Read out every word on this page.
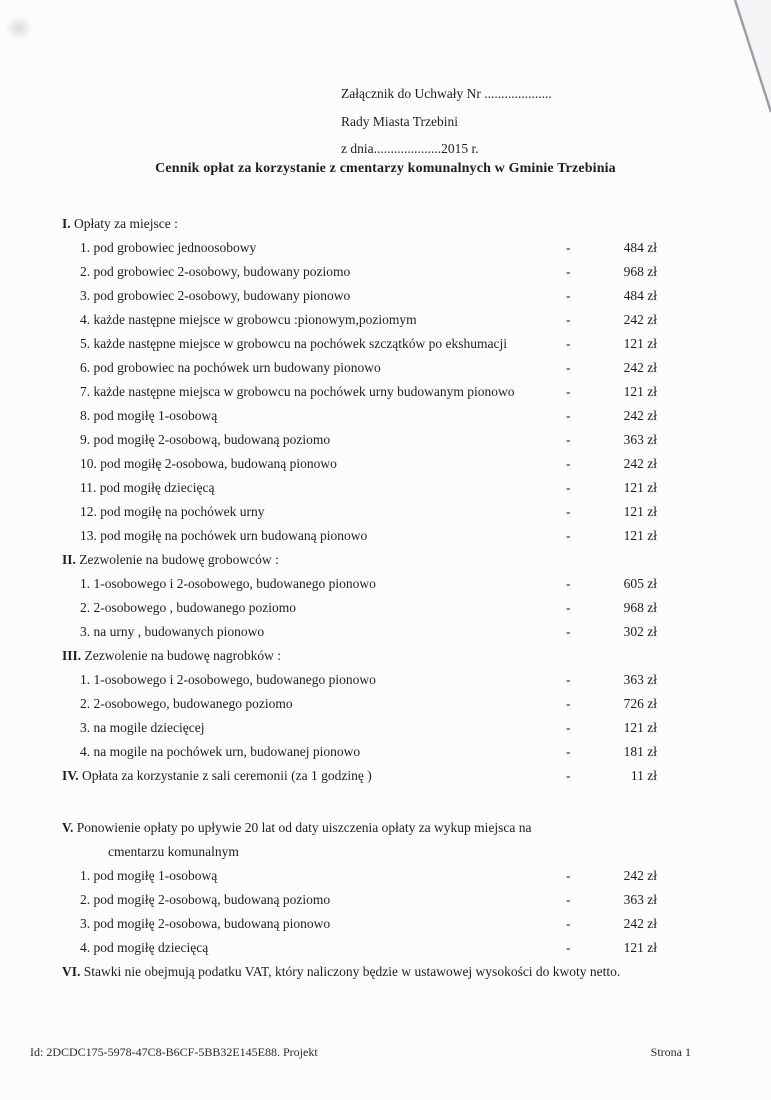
Załącznik do Uchwały Nr ....................
Rady Miasta Trzebini
z dnia....................2015 r.
Cennik opłat za korzystanie z cmentarzy komunalnych w Gminie Trzebinia
I. Opłaty za miejsce :
1. pod grobowiec jednoosobowy	-	484 zł
2. pod grobowiec 2-osobowy, budowany poziomo	-	968 zł
3. pod grobowiec 2-osobowy, budowany pionowo	-	484 zł
4. każde następne miejsce w grobowcu :pionowym,poziomym	-	242 zł
5. każde następne miejsce w grobowcu na pochówek szczątków po ekshumacji	-	121 zł
6. pod grobowiec na pochówek urn budowany pionowo	-	242 zł
7. każde następne miejsca w grobowcu na pochówek urny budowanym pionowo	-	121 zł
8. pod mogiłę 1-osobową	-	242 zł
9. pod mogiłę 2-osobową, budowaną poziomo	-	363 zł
10. pod mogiłę 2-osobowa, budowaną pionowo	-	242 zł
11. pod mogiłę dziecięcą	-	121 zł
12. pod mogiłę na pochówek urny	-	121 zł
13. pod mogiłę na pochówek urn budowaną pionowo	-	121 zł
II. Zezwolenie na budowę grobowców :
1. 1-osobowego i 2-osobowego, budowanego pionowo	-	605 zł
2. 2-osobowego , budowanego poziomo	-	968 zł
3. na urny , budowanych pionowo	-	302 zł
III. Zezwolenie na budowę nagrobków :
1. 1-osobowego i 2-osobowego, budowanego pionowo	-	363 zł
2. 2-osobowego, budowanego poziomo	-	726 zł
3. na mogile dziecięcej	-	121 zł
4. na mogile na pochówek urn, budowanej pionowo	-	181 zł
IV. Opłata za korzystanie z sali ceremonii (za 1 godzinę )	-	11 zł
V. Ponowienie opłaty po upływie 20 lat od daty uiszczenia opłaty za wykup miejsca na
cmentarzu komunalnym
1. pod mogiłę 1-osobową	-	242 zł
2. pod mogiłę 2-osobową, budowaną poziomo	-	363 zł
3. pod mogiłę 2-osobowa, budowaną pionowo	-	242 zł
4. pod mogiłę dziecięcą	-	121 zł
VI. Stawki nie obejmują podatku VAT, który naliczony będzie w ustawowej wysokości do kwoty netto.
Id: 2DCDC175-5978-47C8-B6CF-5BB32E145E88. Projekt	Strona 1
